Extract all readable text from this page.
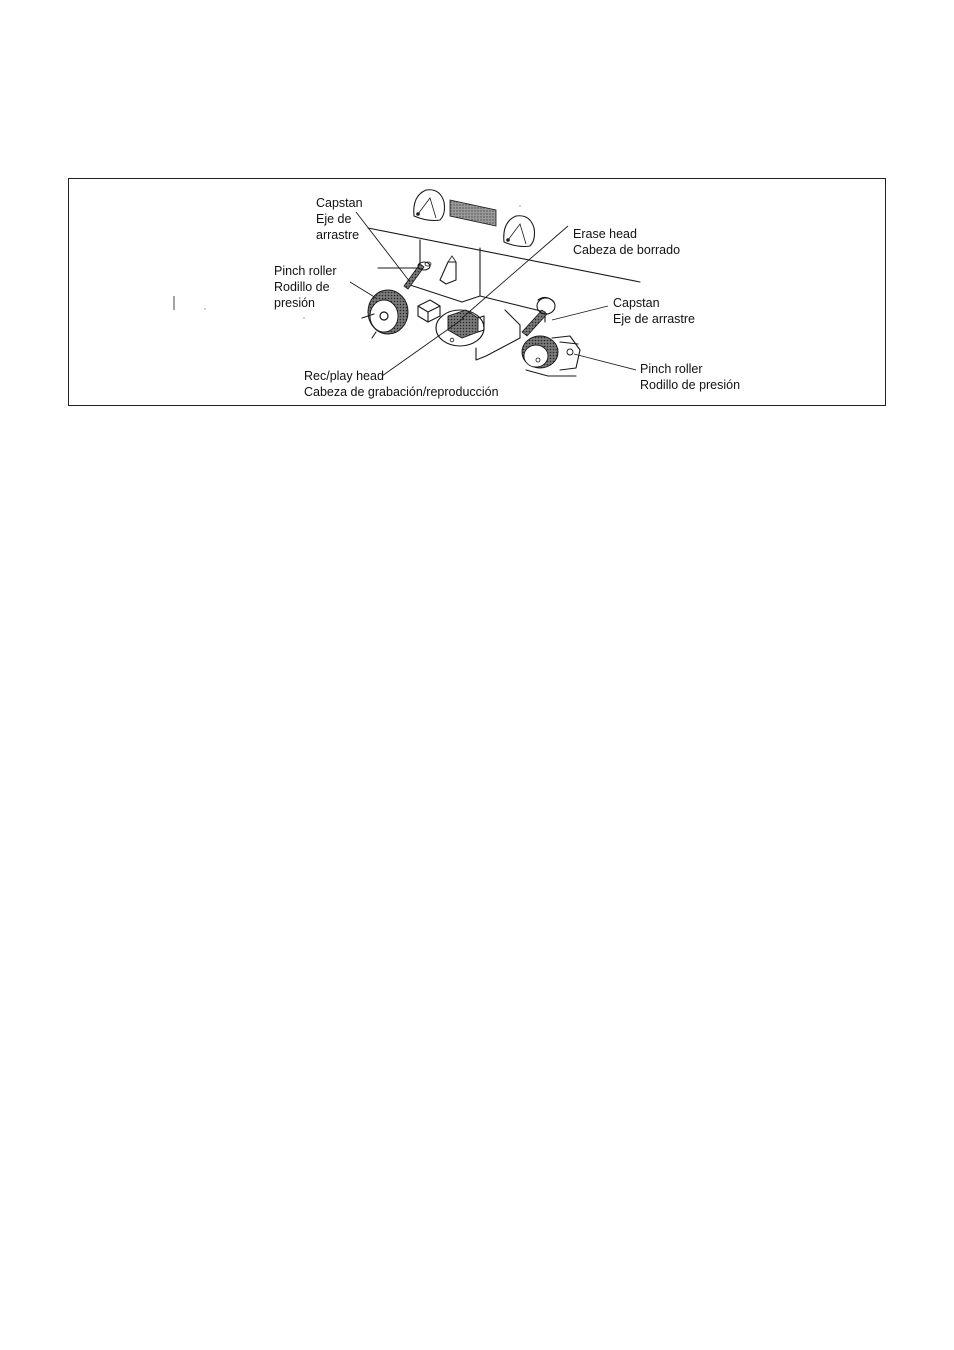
Capstan
Eje de
arrastre
Pinch roller
Rodillo de
presión
Erase head
Cabeza de borrado
Capstan
Eje de arrastre
Rec/play head
Cabeza de grabación/reproducción
Pinch roller
Rodillo de presión
